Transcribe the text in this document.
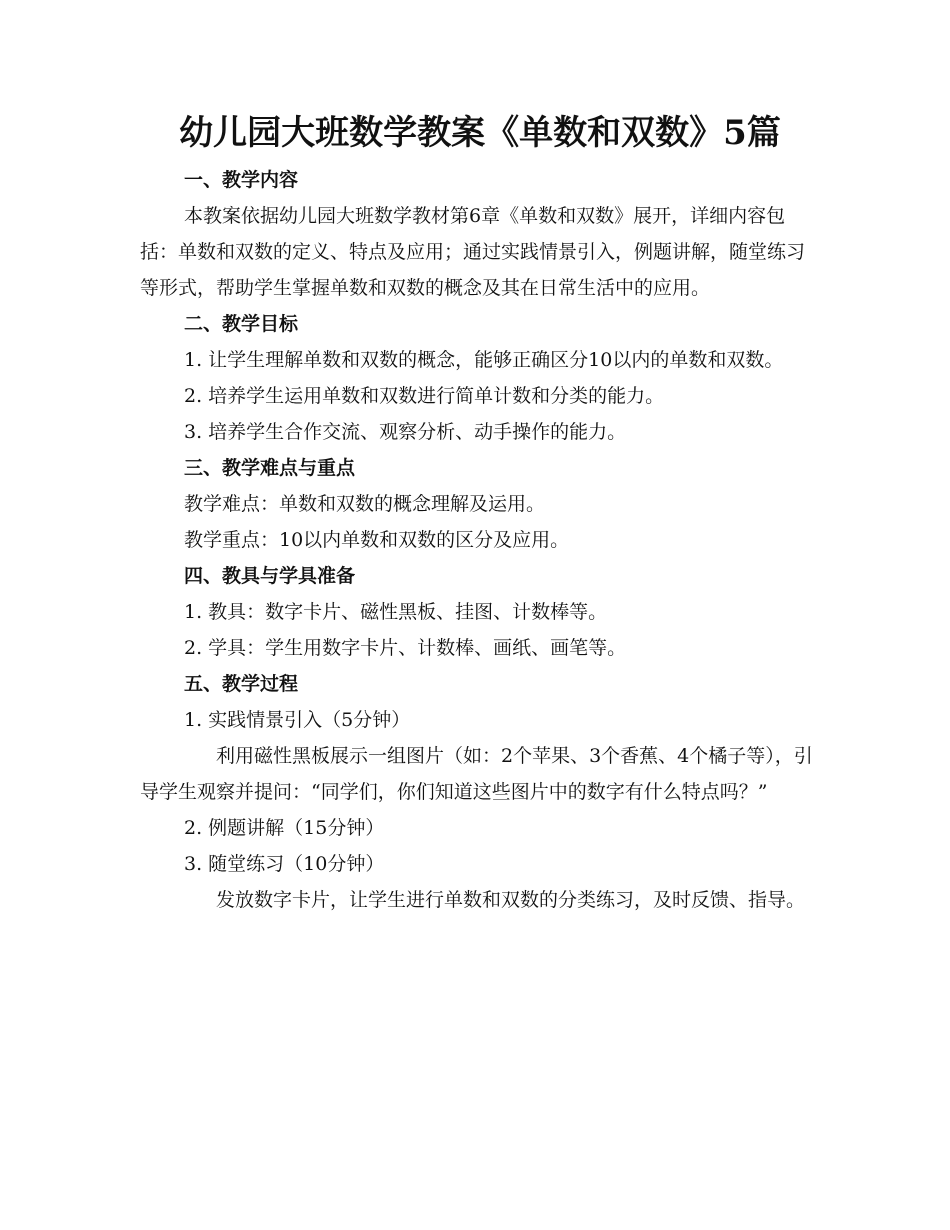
幼儿园大班数学教案《单数和双数》5篇
一、教学内容

本教案依据幼儿园大班数学教材第6章《单数和双数》展开，详细内容包括：单数和双数的定义、特点及应用；通过实践情景引入，例题讲解，随堂练习等形式，帮助学生掌握单数和双数的概念及其在日常生活中的应用。

二、教学目标

1. 让学生理解单数和双数的概念，能够正确区分10以内的单数和双数。

2. 培养学生运用单数和双数进行简单计数和分类的能力。

3. 培养学生合作交流、观察分析、动手操作的能力。

三、教学难点与重点

教学难点：单数和双数的概念理解及运用。

教学重点：10以内单数和双数的区分及应用。

四、教具与学具准备

1. 教具：数字卡片、磁性黑板、挂图、计数棒等。

2. 学具：学生用数字卡片、计数棒、画纸、画笔等。

五、教学过程

1. 实践情景引入（5分钟）

利用磁性黑板展示一组图片（如：2个苹果、3个香蕉、4个橘子等），引导学生观察并提问：“同学们，你们知道这些图片中的数字有什么特点吗？”

2. 例题讲解（15分钟）

3. 随堂练习（10分钟）

发放数字卡片，让学生进行单数和双数的分类练习，及时反馈、指导。
